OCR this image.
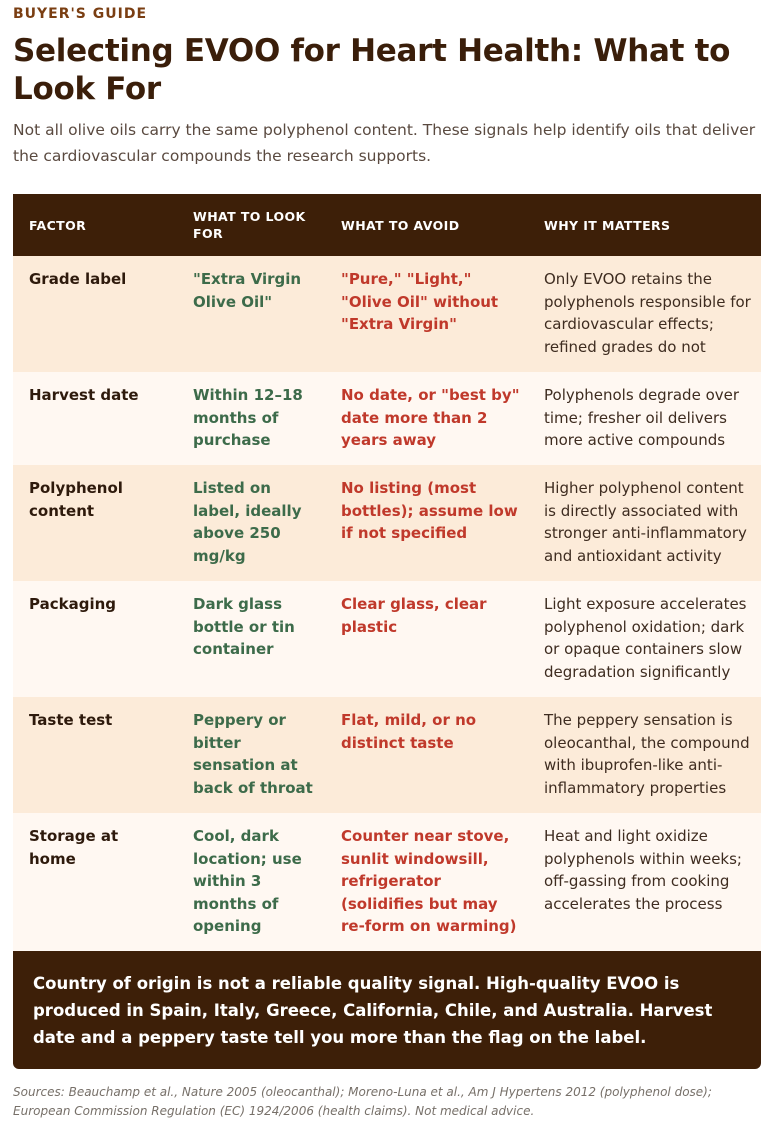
BUYER'S GUIDE
Selecting EVOO for Heart Health: What to Look For
Not all olive oils carry the same polyphenol content. These signals help identify oils that deliver the cardiovascular compounds the research supports.
FACTOR	WHAT TO LOOK FOR	WHAT TO AVOID	WHY IT MATTERS
Grade label	"Extra Virgin Olive Oil"	"Pure," "Light," "Olive Oil" without "Extra Virgin"	Only EVOO retains the polyphenols responsible for cardiovascular effects; refined grades do not
Harvest date	Within 12–18 months of purchase	No date, or "best by" date more than 2 years away	Polyphenols degrade over time; fresher oil delivers more active compounds
Polyphenol content	Listed on label, ideally above 250 mg/kg	No listing (most bottles); assume low if not specified	Higher polyphenol content is directly associated with stronger anti-inflammatory and antioxidant activity
Packaging	Dark glass bottle or tin container	Clear glass, clear plastic	Light exposure accelerates polyphenol oxidation; dark or opaque containers slow degradation significantly
Taste test	Peppery or bitter sensation at back of throat	Flat, mild, or no distinct taste	The peppery sensation is oleocanthal, the compound with ibuprofen-like anti-inflammatory properties
Storage at home	Cool, dark location; use within 3 months of opening	Counter near stove, sunlit windowsill, refrigerator (solidifies but may re-form on warming)	Heat and light oxidize polyphenols within weeks; off-gassing from cooking accelerates the process
Country of origin is not a reliable quality signal. High-quality EVOO is produced in Spain, Italy, Greece, California, Chile, and Australia. Harvest date and a peppery taste tell you more than the flag on the label.
Sources: Beauchamp et al., Nature 2005 (oleocanthal); Moreno-Luna et al., Am J Hypertens 2012 (polyphenol dose); European Commission Regulation (EC) 1924/2006 (health claims). Not medical advice.
